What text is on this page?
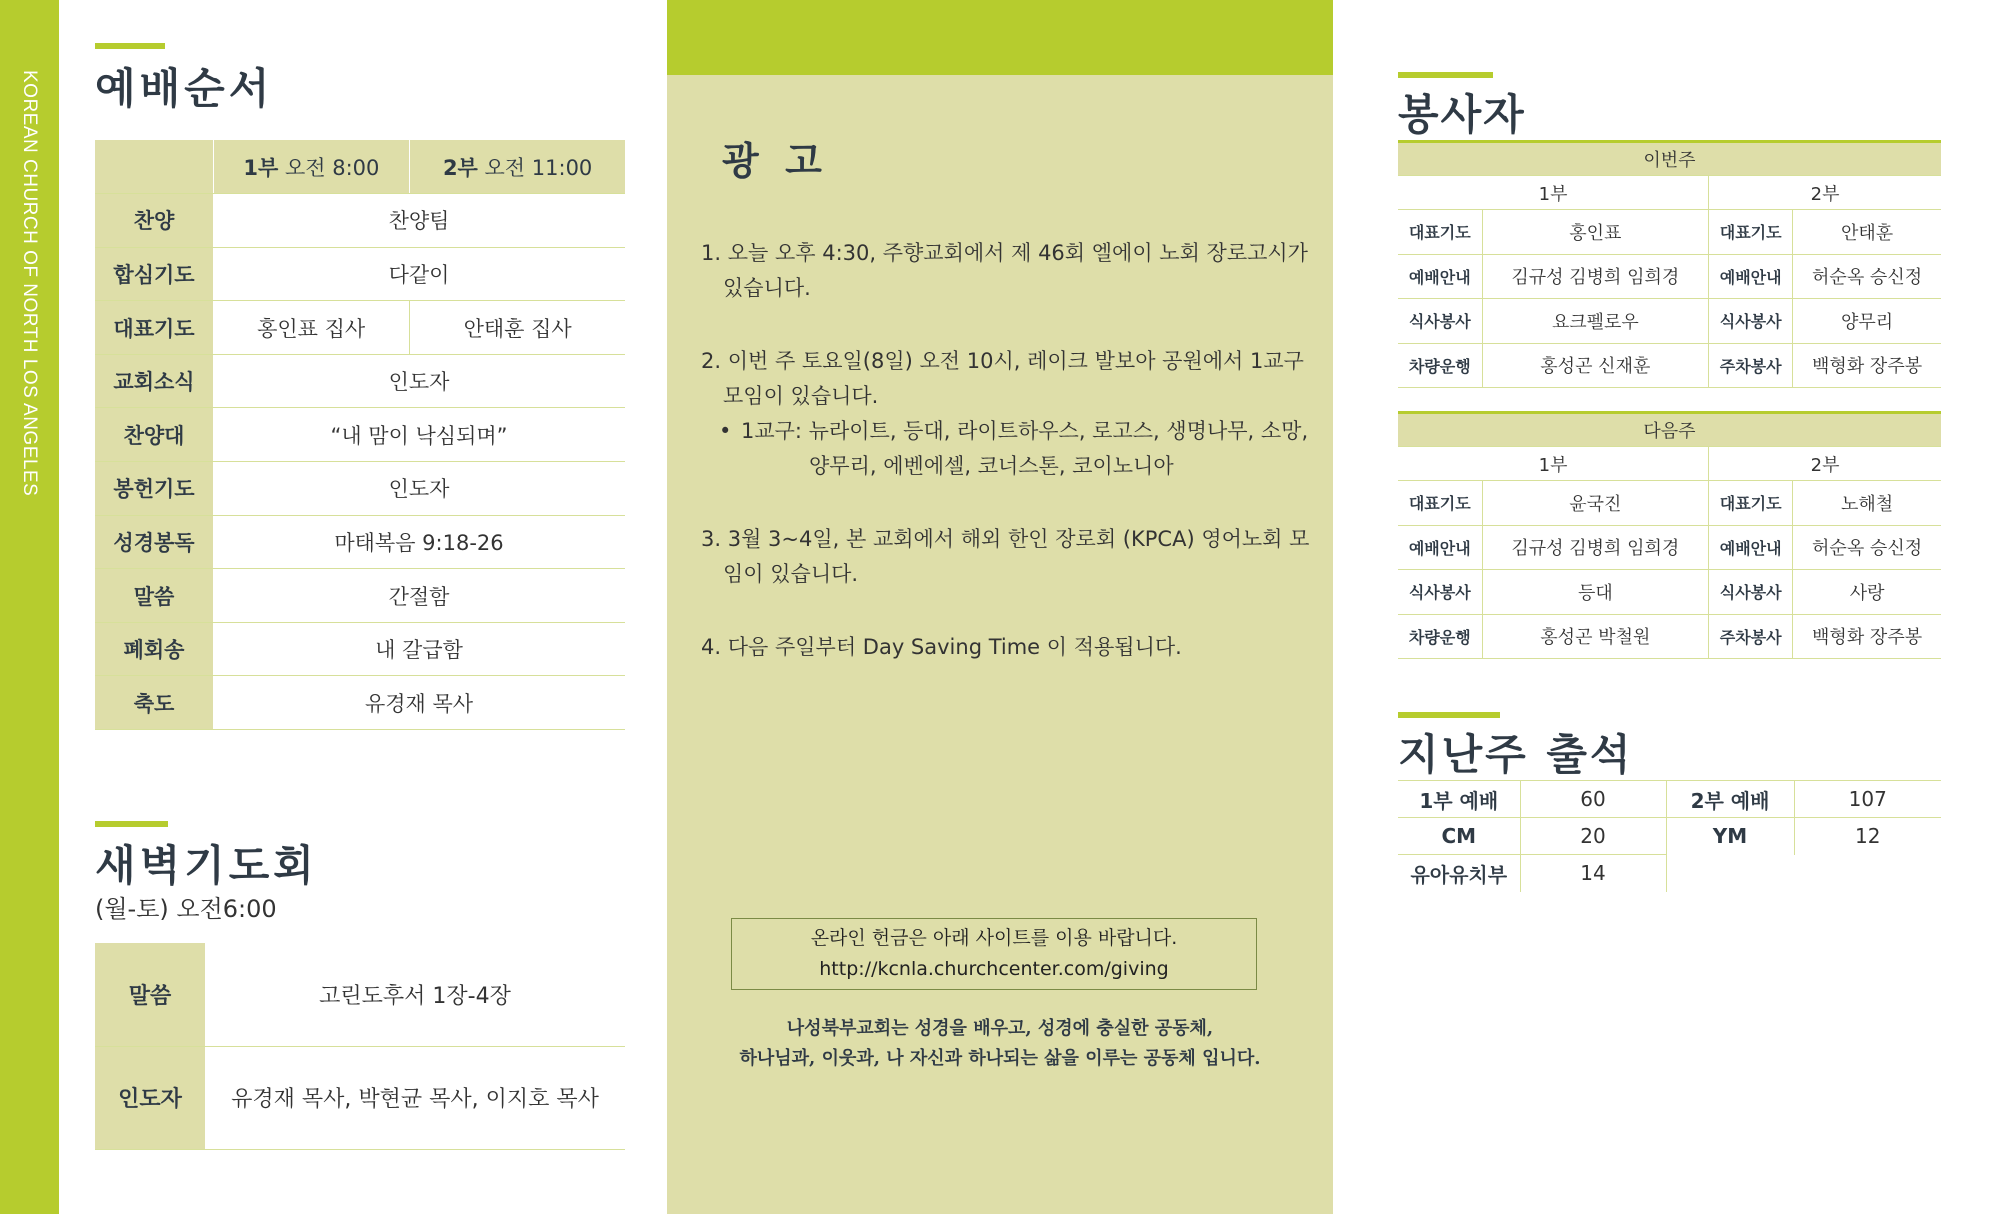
KOREAN CHURCH OF NORTH LOS ANGELES 예배순서
	1부 오전 8:00	2부 오전 11:00
찬양	찬양팀	
합심기도	다같이	
대표기도	홍인표 집사	안태훈 집사
교회소식	인도자	
찬양대	“내 맘이 낙심되며”	
봉헌기도	인도자	
성경봉독	마태복음 9:18-26	
말씀	간절함	
폐회송	내 갈급함	
축도	유경재 목사	
새벽기도회
(월-토) 오전6:00
말씀	고린도후서 1장-4장
인도자	유경재 목사, 박현균 목사, 이지호 목사
광  고
1. 오늘 오후 4:30, 주향교회에서 제 46회 엘에이 노회 장로고시가 있습니다.
2. 이번 주 토요일(8일) 오전 10시, 레이크 발보아 공원에서 1교구 모임이 있습니다.
• 1교구: 뉴라이트, 등대, 라이트하우스, 로고스, 생명나무, 소망,
양무리, 에벤에셀, 코너스톤, 코이노니아
3. 3월 3~4일, 본 교회에서 해외 한인 장로회 (KPCA) 영어노회 모임이 있습니다.
4. 다음 주일부터 Day Saving Time 이 적용됩니다.
온라인 헌금은 아래 사이트를 이용 바랍니다.
http://kcnla.churchcenter.com/giving
나성북부교회는 성경을 배우고, 성경에 충실한 공동체,
하나님과, 이웃과, 나 자신과 하나되는 삶을 이루는 공동체 입니다.
봉사자
이번주			
1부		2부	
대표기도	홍인표	대표기도	안태훈
예배안내	김규성 김병희 임희경	예배안내	허순옥 승신정
식사봉사	요크펠로우	식사봉사	양무리
차량운행	홍성곤 신재훈	주차봉사	백형화 장주봉
다음주			
1부		2부	
대표기도	윤국진	대표기도	노해철
예배안내	김규성 김병희 임희경	예배안내	허순옥 승신정
식사봉사	등대	식사봉사	사랑
차량운행	홍성곤 박철원	주차봉사	백형화 장주봉
지난주 출석
1부 예배	60	2부 예배	107
CM	20	YM	12
유아유치부	14		
